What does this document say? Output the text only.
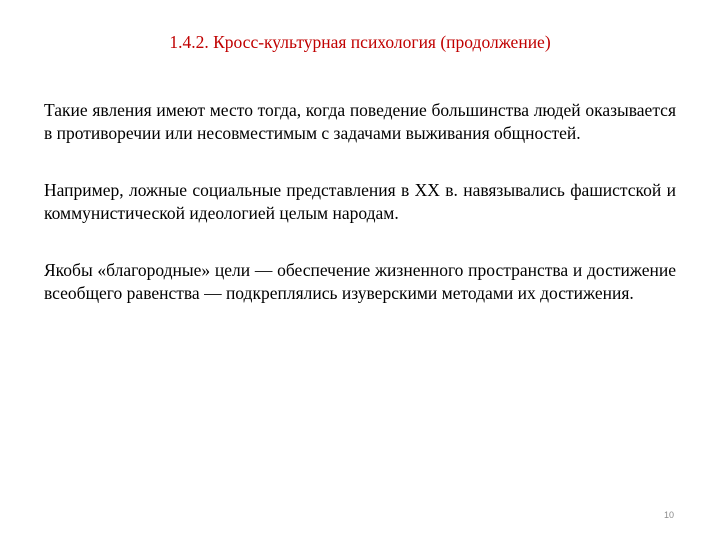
1.4.2. Кросс-культурная психология (продолжение)

Такие явления имеют место тогда, когда поведение большинства людей оказывается в противоречии или несовместимым с задачами выживания общностей.

Например, ложные социальные представления в XX в. навязывались фашистской и коммунистической идеологией целым народам.

Якобы «благородные» цели — обеспечение жизненного пространства и достижение всеобщего равенства — подкреплялись изуверскими методами их достижения.

10
